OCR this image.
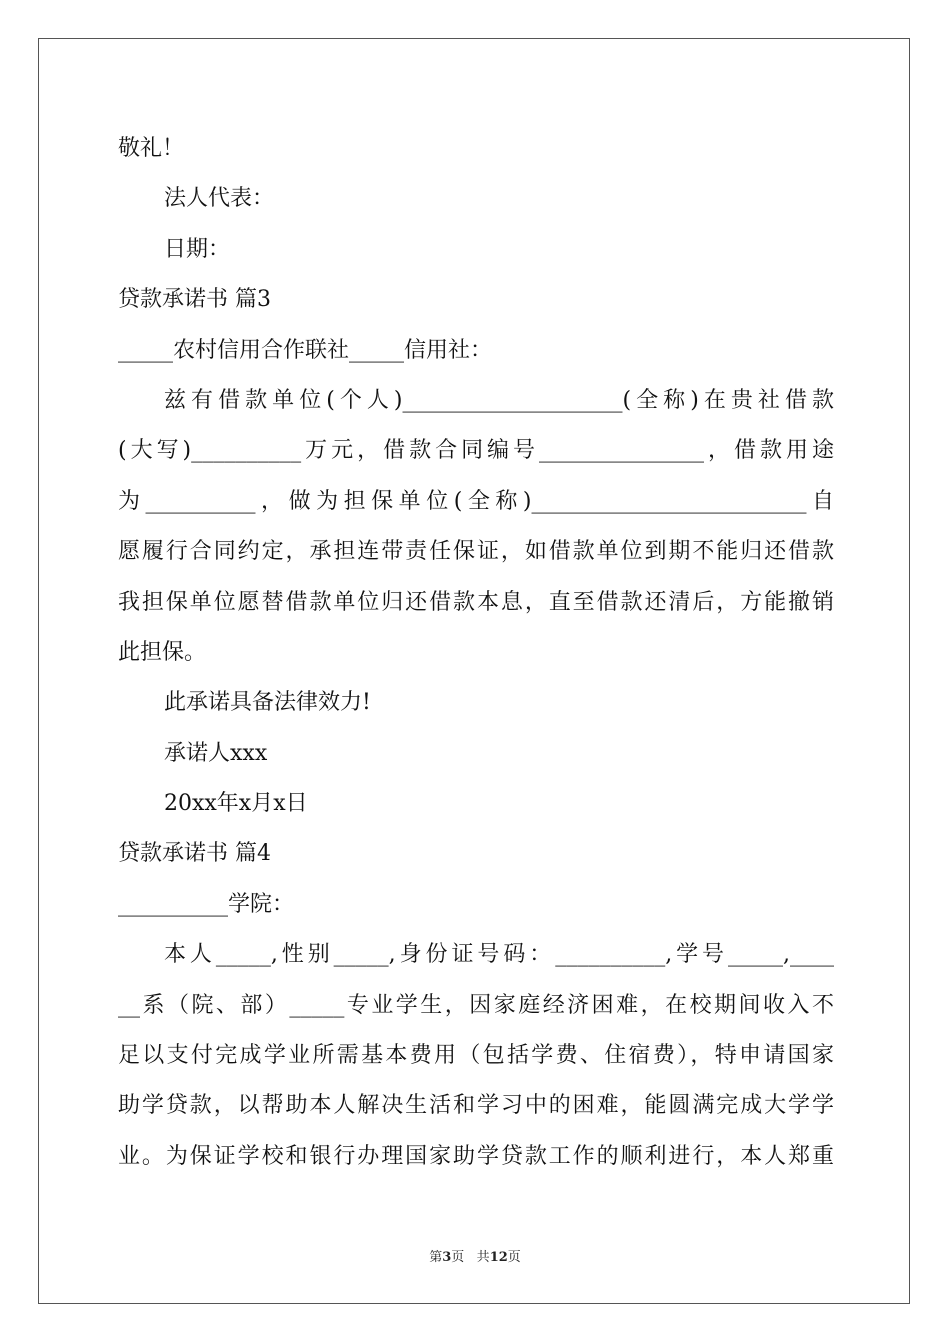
敬礼！
法人代表：
日期：
贷款承诺书 篇3
_____农村信用合作联社_____信用社：
兹有借款单位(个人)____________________(全称)在贵社借款
(大写)__________万元，借款合同编号_______________，借款用途
为__________，做为担保单位(全称)_________________________自
愿履行合同约定，承担连带责任保证，如借款单位到期不能归还借款
我担保单位愿替借款单位归还借款本息，直至借款还清后，方能撤销
此担保。
此承诺具备法律效力!
承诺人xxx
20xx年x月x日
贷款承诺书 篇4
__________学院：
本人_____,性别_____,身份证号码：__________,学号_____,____
__系（院、部）_____专业学生，因家庭经济困难，在校期间收入不
足以支付完成学业所需基本费用（包括学费、住宿费），特申请国家
助学贷款，以帮助本人解决生活和学习中的困难，能圆满完成大学学
业。为保证学校和银行办理国家助学贷款工作的顺利进行，本人郑重
第3页 共12页
